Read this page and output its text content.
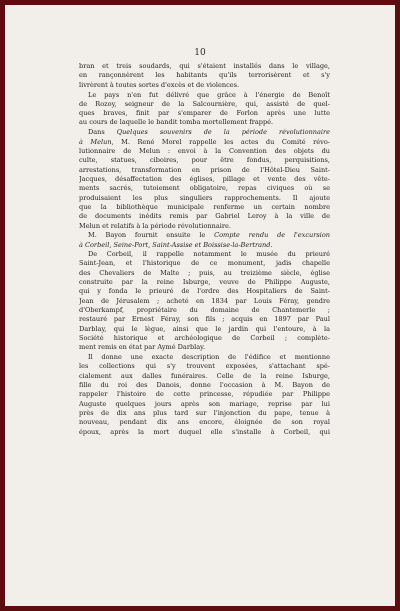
10

bran et treis soudards, qui s'étaient installés dans le village,
en rançonnèrent les habitants qu'ils terrorisèrent et s'y
livrèrent à toutes sortes d'excès et de violences.

Le pays n'en fut délivré que grâce à l'énergie de Benoît
de Rozoy, seigneur de la Salcournière, qui, assisté de quel-
ques braves, finit par s'emparer de Forlon après une lutte
au cours de laquelle le bandit tomba mortellement frappé.

Dans Quelques souvenirs de la période révolutionnaire
à Melun, M. René Morel rappelle les actes du Comité révo-
lutionnaire de Melun : envoi à la Convention des objets du
culte, statues, ciboires, pour être fondus, perquisitions,
arrestations, transformation en prison de l'Hôtel-Dieu Saint-
Jacques, désaffectation des églises, pillage et vente des vête-
ments sacrés, tutoiement obligatoire, repas civiques où se
produisaient les plus singuliers rapprochements. Il ajoute
que la bibliothèque municipale renferme un certain nombre
de documents inédits remis par Gabriel Leroy à la ville de
Melun et relatifs à la période révolutionnaire.

M. Bayon fournit ensuite le Compte rendu de l'excursion
à Corbeil, Seine-Port, Saint-Assise et Boissise-la-Bertrand.
De Corbeil, il rappelle notamment le musée du prieuré
Saint-Jean, et l'historique de ce monument, jadis chapelle
des Chevaliers de Malte ; puis, au treizième siècle, église
construite par la reine Isburge, veuve de Philippe Auguste,
qui y fonda le prieuré de l'ordre des Hospitaliers de Saint-
Jean de Jérusalem ; acheté en 1834 par Louis Féray, gendre
d'Oberkampf, propriétaire du domaine de Chantemerle ;
restauré par Ernest Féray, son fils ; acquis en 1897 par Paul
Darblay, qui le lègue, ainsi que le jardin qui l'entoure, à la
Société historique et archéologique de Corbeil ; complète-
ment remis en état par Aymé Darblay.

Il donne une exacte description de l'édifice et mentionne
les collections qui s'y trouvent exposées, s'attachant spé-
cialement aux dalles funéraires. Celle de la reine Isburge,
fille du roi des Danois, donne l'occasion à M. Bayon de
rappeler l'histoire de cette princesse, répudiée par Philippe
Auguste quelques jours après son mariage, reprise par lui
près de dix ans plus tard sur l'injonction du pape, tenue à
nouveau, pendant dix ans encore, éloignée de son royal
époux, après la mort duquel elle s'installe à Corbeil, qui
